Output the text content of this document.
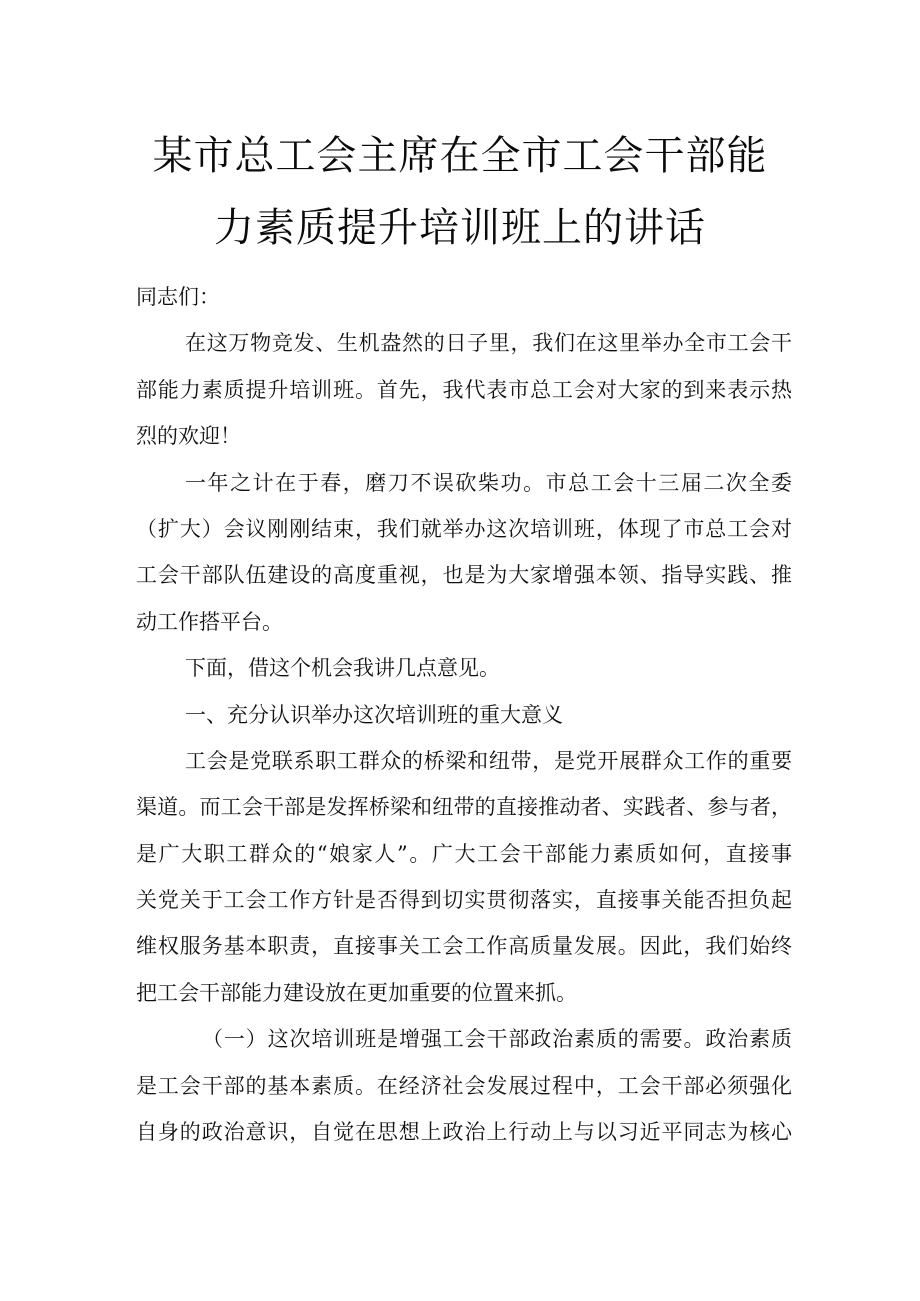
某市总工会主席在全市工会干部能
力素质提升培训班上的讲话
同志们：
在这万物竞发、生机盎然的日子里，我们在这里举办全市工会干
部能力素质提升培训班。首先，我代表市总工会对大家的到来表示热
烈的欢迎！
一年之计在于春，磨刀不误砍柴功。市总工会十三届二次全委
（扩大）会议刚刚结束，我们就举办这次培训班，体现了市总工会对
工会干部队伍建设的高度重视，也是为大家增强本领、指导实践、推
动工作搭平台。
下面，借这个机会我讲几点意见。
一、充分认识举办这次培训班的重大意义
工会是党联系职工群众的桥梁和纽带，是党开展群众工作的重要
渠道。而工会干部是发挥桥梁和纽带的直接推动者、实践者、参与者，
是广大职工群众的“娘家人”。广大工会干部能力素质如何，直接事
关党关于工会工作方针是否得到切实贯彻落实，直接事关能否担负起
维权服务基本职责，直接事关工会工作高质量发展。因此，我们始终
把工会干部能力建设放在更加重要的位置来抓。
（一）这次培训班是增强工会干部政治素质的需要。政治素质
是工会干部的基本素质。在经济社会发展过程中，工会干部必须强化
自身的政治意识，自觉在思想上政治上行动上与以习近平同志为核心
